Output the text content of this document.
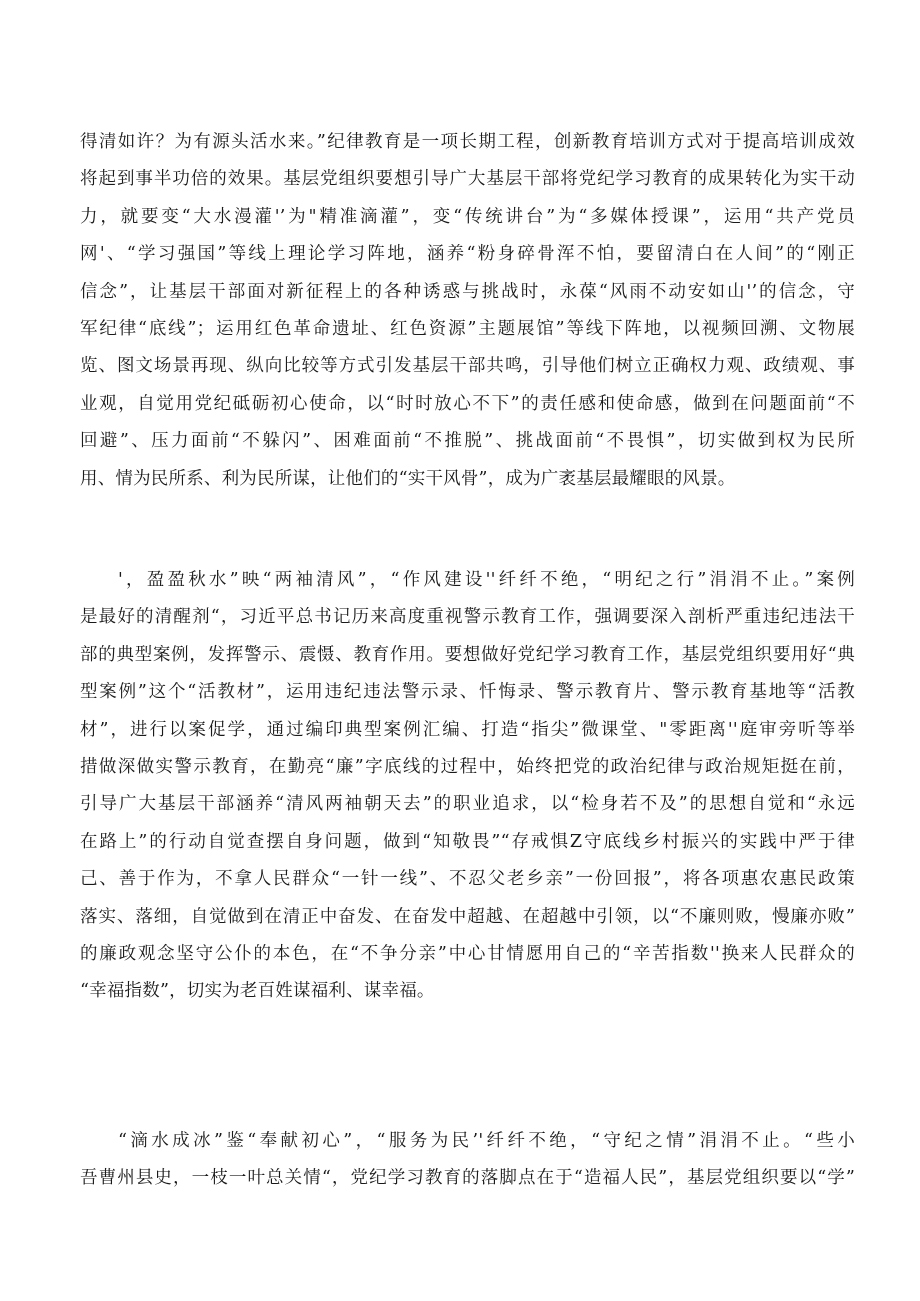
得清如许？为有源头活水来。”纪律教育是一项长期工程，创新教育培训方式对于提高培训成效
将起到事半功倍的效果。基层党组织要想引导广大基层干部将党纪学习教育的成果转化为实干动
力，就要变“大水漫灌'’为"精准滴灌”，变“传统讲台”为“多媒体授课”，运用“共产党员
网'、“学习强国”等线上理论学习阵地，涵养“粉身碎骨浑不怕，要留清白在人间”的“刚正
信念”，让基层干部面对新征程上的各种诱惑与挑战时，永葆“风雨不动安如山'’的信念，守
军纪律“底线”；运用红色革命遗址、红色资源”主题展馆”等线下阵地，以视频回溯、文物展
览、图文场景再现、纵向比较等方式引发基层干部共鸣，引导他们树立正确权力观、政绩观、事
业观，自觉用党纪砥砺初心使命，以“时时放心不下”的责任感和使命感，做到在问题面前“不
回避”、压力面前“不躲闪”、困难面前“不推脱”、挑战面前“不畏惧”，切实做到权为民所
用、情为民所系、利为民所谋，让他们的“实干风骨”，成为广袤基层最耀眼的风景。
'，盈盈秋水”映“两袖清风”，“作风建设''纤纤不绝，“明纪之行”涓涓不止。”案例
是最好的清醒剂“，习近平总书记历来高度重视警示教育工作，强调要深入剖析严重违纪违法干
部的典型案例，发挥警示、震慑、教育作用。要想做好党纪学习教育工作，基层党组织要用好“典
型案例”这个“活教材”，运用违纪违法警示录、忏悔录、警示教育片、警示教育基地等“活教
材”，进行以案促学，通过编印典型案例汇编、打造“指尖”微课堂、"零距离''庭审旁听等举
措做深做实警示教育，在勤亮“廉”字底线的过程中，始终把党的政治纪律与政治规矩挺在前，
引导广大基层干部涵养“清风两袖朝天去”的职业追求，以“检身若不及”的思想自觉和“永远
在路上”的行动自觉查摆自身问题，做到“知敬畏”“存戒惧Z守底线乡村振兴的实践中严于律
己、善于作为，不拿人民群众“一针一线”、不忍父老乡亲”一份回报”，将各项惠农惠民政策
落实、落细，自觉做到在清正中奋发、在奋发中超越、在超越中引领，以“不廉则败，慢廉亦败”
的廉政观念坚守公仆的本色，在“不争分亲”中心甘情愿用自己的“辛苦指数''换来人民群众的
“幸福指数”，切实为老百姓谋福利、谋幸福。
“滴水成冰”鉴“奉献初心”，“服务为民’'纤纤不绝，“守纪之情”涓涓不止。“些小
吾曹州县史，一枝一叶总关情“，党纪学习教育的落脚点在于“造福人民”，基层党组织要以“学”
